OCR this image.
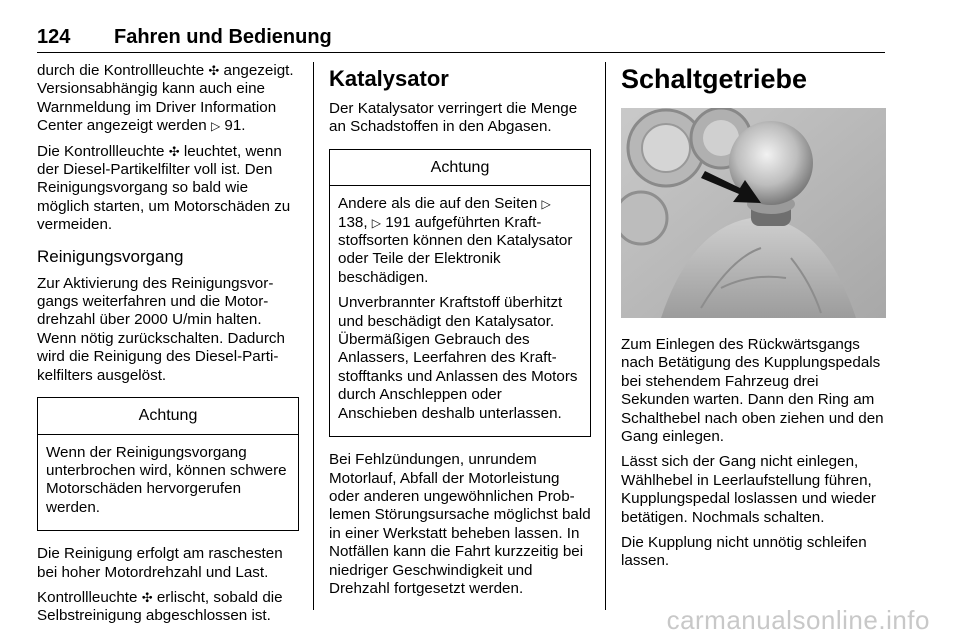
124 Fahren und Bedienung

durch die Kontrollleuchte ✣ angezeigt. Versionsabhängig kann auch eine Warnmeldung im Driver Information Center angezeigt werden ▷ 91.

Die Kontrollleuchte ✣ leuchtet, wenn der Diesel-Partikelfilter voll ist. Den Reinigungsvorgang so bald wie möglich starten, um Motorschäden zu vermeiden.

Reinigungsvorgang

Zur Aktivierung des Reinigungsvorgangs weiterfahren und die Motordrehzahl über 2000 U/min halten. Wenn nötig zurückschalten. Dadurch wird die Reinigung des Diesel-Partikelfilters ausgelöst.

Achtung

Wenn der Reinigungsvorgang unterbrochen wird, können schwere Motorschäden hervorgerufen werden.

Die Reinigung erfolgt am raschesten bei hoher Motordrehzahl und Last.

Kontrollleuchte ✣ erlischt, sobald die Selbstreinigung abgeschlossen ist.

Katalysator

Der Katalysator verringert die Menge an Schadstoffen in den Abgasen.

Achtung

Andere als die auf den Seiten ▷ 138, ▷ 191 aufgeführten Kraftstoffsorten können den Katalysator oder Teile der Elektronik beschädigen.

Unverbrannter Kraftstoff überhitzt und beschädigt den Katalysator. Übermäßigen Gebrauch des Anlassers, Leerfahren des Kraftstofftanks und Anlassen des Motors durch Anschleppen oder Anschieben deshalb unterlassen.

Bei Fehlzündungen, unrundem Motorlauf, Abfall der Motorleistung oder anderen ungewöhnlichen Problemen Störungsursache möglichst bald in einer Werkstatt beheben lassen. In Notfällen kann die Fahrt kurzzeitig bei niedriger Geschwindigkeit und Drehzahl fortgesetzt werden.

Schaltgetriebe

Zum Einlegen des Rückwärtsgangs nach Betätigung des Kupplungspedals bei stehendem Fahrzeug drei Sekunden warten. Dann den Ring am Schalthebel nach oben ziehen und den Gang einlegen.

Lässt sich der Gang nicht einlegen, Wählhebel in Leerlaufstellung führen, Kupplungspedal loslassen und wieder betätigen. Nochmals schalten.

Die Kupplung nicht unnötig schleifen lassen.

carmanualsonline.info
